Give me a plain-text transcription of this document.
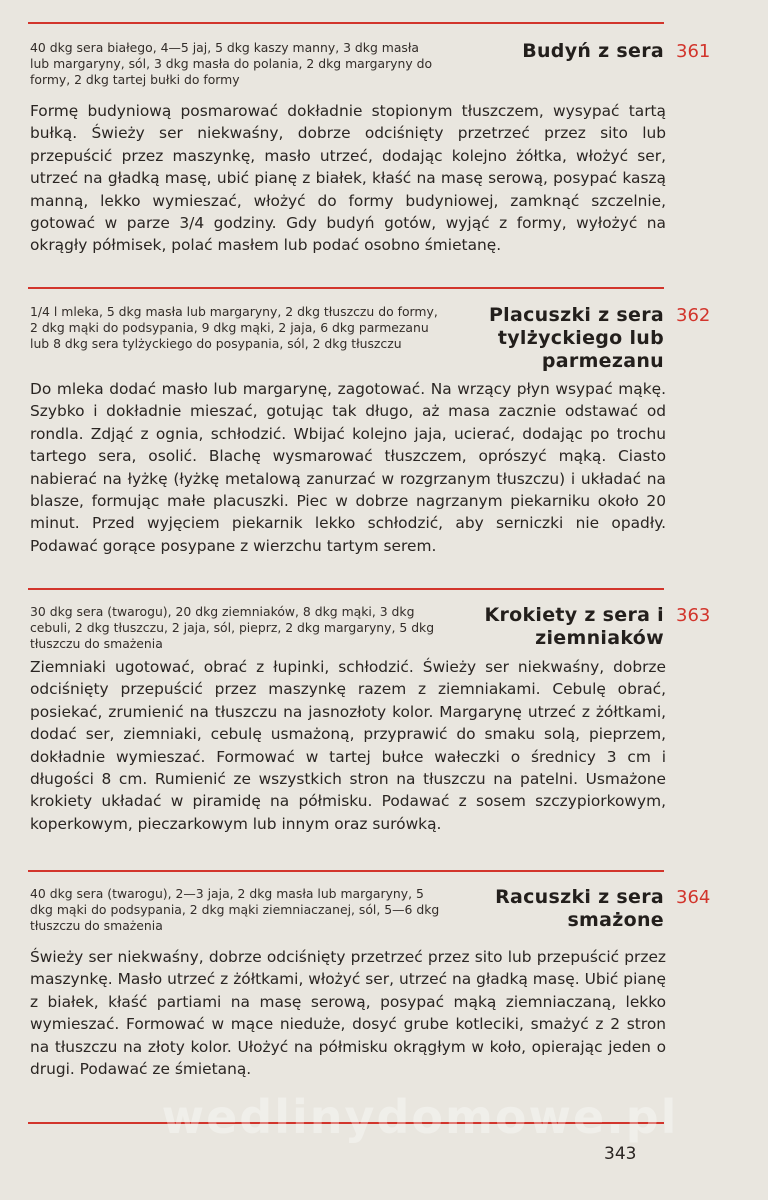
40 dkg sera białego, 4—5 jaj, 5 dkg kaszy manny, 3 dkg masła lub margaryny, sól, 3 dkg masła do polania, 2 dkg margaryny do formy, 2 dkg tartej bułki do formy
Budyń z sera 361
Formę budyniową posmarować dokładnie stopionym tłuszczem, wysypać tartą bułką. Świeży ser niekwaśny, dobrze odciśnięty przetrzeć przez sito lub przepuścić przez maszynkę, masło utrzeć, dodając kolejno żółtka, włożyć ser, utrzeć na gładką masę, ubić pianę z białek, kłaść na masę serową, posypać kaszą manną, lekko wymieszać, włożyć do formy budyniowej, zamknąć szczelnie, gotować w parze 3/4 godziny. Gdy budyń gotów, wyjąć z formy, wyłożyć na okrągły półmisek, polać masłem lub podać osobno śmietanę.
1/4 l mleka, 5 dkg masła lub margaryny, 2 dkg tłuszczu do formy, 2 dkg mąki do podsypania, 9 dkg mąki, 2 jaja, 6 dkg parmezanu lub 8 dkg sera tylżyckiego do posypania, sól, 2 dkg tłuszczu
Placuszki z sera tylżyckiego lub parmezanu
362
Do mleka dodać masło lub margarynę, zagotować. Na wrzący płyn wsypać mąkę. Szybko i dokładnie mieszać, gotując tak długo, aż masa zacznie odstawać od rondla. Zdjąć z ognia, schłodzić. Wbijać kolejno jaja, ucierać, dodając po trochu tartego sera, osolić. Blachę wysmarować tłuszczem, oprószyć mąką. Ciasto nabierać na łyżkę (łyżkę metalową zanurzać w rozgrzanym tłuszczu) i układać na blasze, formując małe placuszki. Piec w dobrze nagrzanym piekarniku około 20 minut. Przed wyjęciem piekarnik lekko schłodzić, aby serniczki nie opadły. Podawać gorące posypane z wierzchu tartym serem.
30 dkg sera (twarogu), 20 dkg ziemniaków, 8 dkg mąki, 3 dkg cebuli, 2 dkg tłuszczu, 2 jaja, sól, pieprz, 2 dkg margaryny, 5 dkg tłuszczu do smażenia
Krokiety z sera i ziemniaków
363
Ziemniaki ugotować, obrać z łupinki, schłodzić. Świeży ser niekwaśny, dobrze odciśnięty przepuścić przez maszynkę razem z ziemniakami. Cebulę obrać, posiekać, zrumienić na tłuszczu na jasnozłoty kolor. Margarynę utrzeć z żółtkami, dodać ser, ziemniaki, cebulę usmażoną, przyprawić do smaku solą, pieprzem, dokładnie wymieszać. Formować w tartej bułce wałeczki o średnicy 3 cm i długości 8 cm. Rumienić ze wszystkich stron na tłuszczu na patelni. Usmażone krokiety układać w piramidę na półmisku. Podawać z sosem szczypiorkowym, koperkowym, pieczarkowym lub innym oraz surówką.
40 dkg sera (twarogu), 2—3 jaja, 2 dkg masła lub margaryny, 5 dkg mąki do podsypania, 2 dkg mąki ziemniaczanej, sól, 5—6 dkg tłuszczu do smażenia
Racuszki z sera smażone
364
Świeży ser niekwaśny, dobrze odciśnięty przetrzeć przez sito lub przepuścić przez maszynkę. Masło utrzeć z żółtkami, włożyć ser, utrzeć na gładką masę. Ubić pianę z białek, kłaść partiami na masę serową, posypać mąką ziemniaczaną, lekko wymieszać. Formować w mące nieduże, dosyć grube kotleciki, smażyć z 2 stron na tłuszczu na złoty kolor. Ułożyć na półmisku okrągłym w koło, opierając jeden o drugi. Podawać ze śmietaną.
wedlinydomowe.pl
343
